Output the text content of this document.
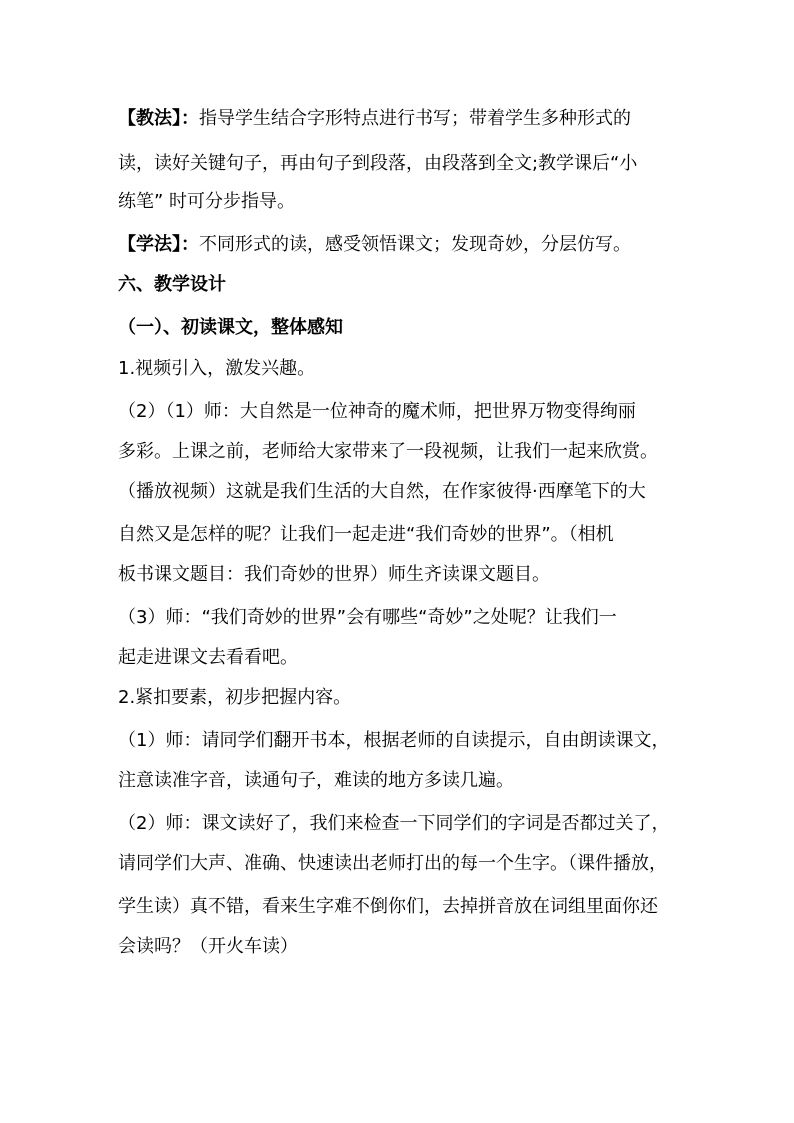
【教法】：指导学生结合字形特点进行书写；带着学生多种形式的
读，读好关键句子，再由句子到段落，由段落到全文;教学课后“小
练笔” 时可分步指导。
【学法】：不同形式的读，感受领悟课文；发现奇妙，分层仿写。
六、教学设计
（一）、初读课文，整体感知
1.视频引入，激发兴趣。
（2）（1）师：大自然是一位神奇的魔术师，把世界万物变得绚丽
多彩。上课之前，老师给大家带来了一段视频，让我们一起来欣赏。
（播放视频）这就是我们生活的大自然，在作家彼得·西摩笔下的大
自然又是怎样的呢？让我们一起走进“我们奇妙的世界”。（相机
板书课文题目：我们奇妙的世界）师生齐读课文题目。
（3）师：“我们奇妙的世界”会有哪些“奇妙”之处呢？让我们一
起走进课文去看看吧。
2.紧扣要素，初步把握内容。
（1）师：请同学们翻开书本，根据老师的自读提示，自由朗读课文，
注意读准字音，读通句子，难读的地方多读几遍。
（2）师：课文读好了，我们来检查一下同学们的字词是否都过关了，
请同学们大声、准确、快速读出老师打出的每一个生字。（课件播放，
学生读）真不错，看来生字难不倒你们，去掉拼音放在词组里面你还
会读吗？（开火车读）
